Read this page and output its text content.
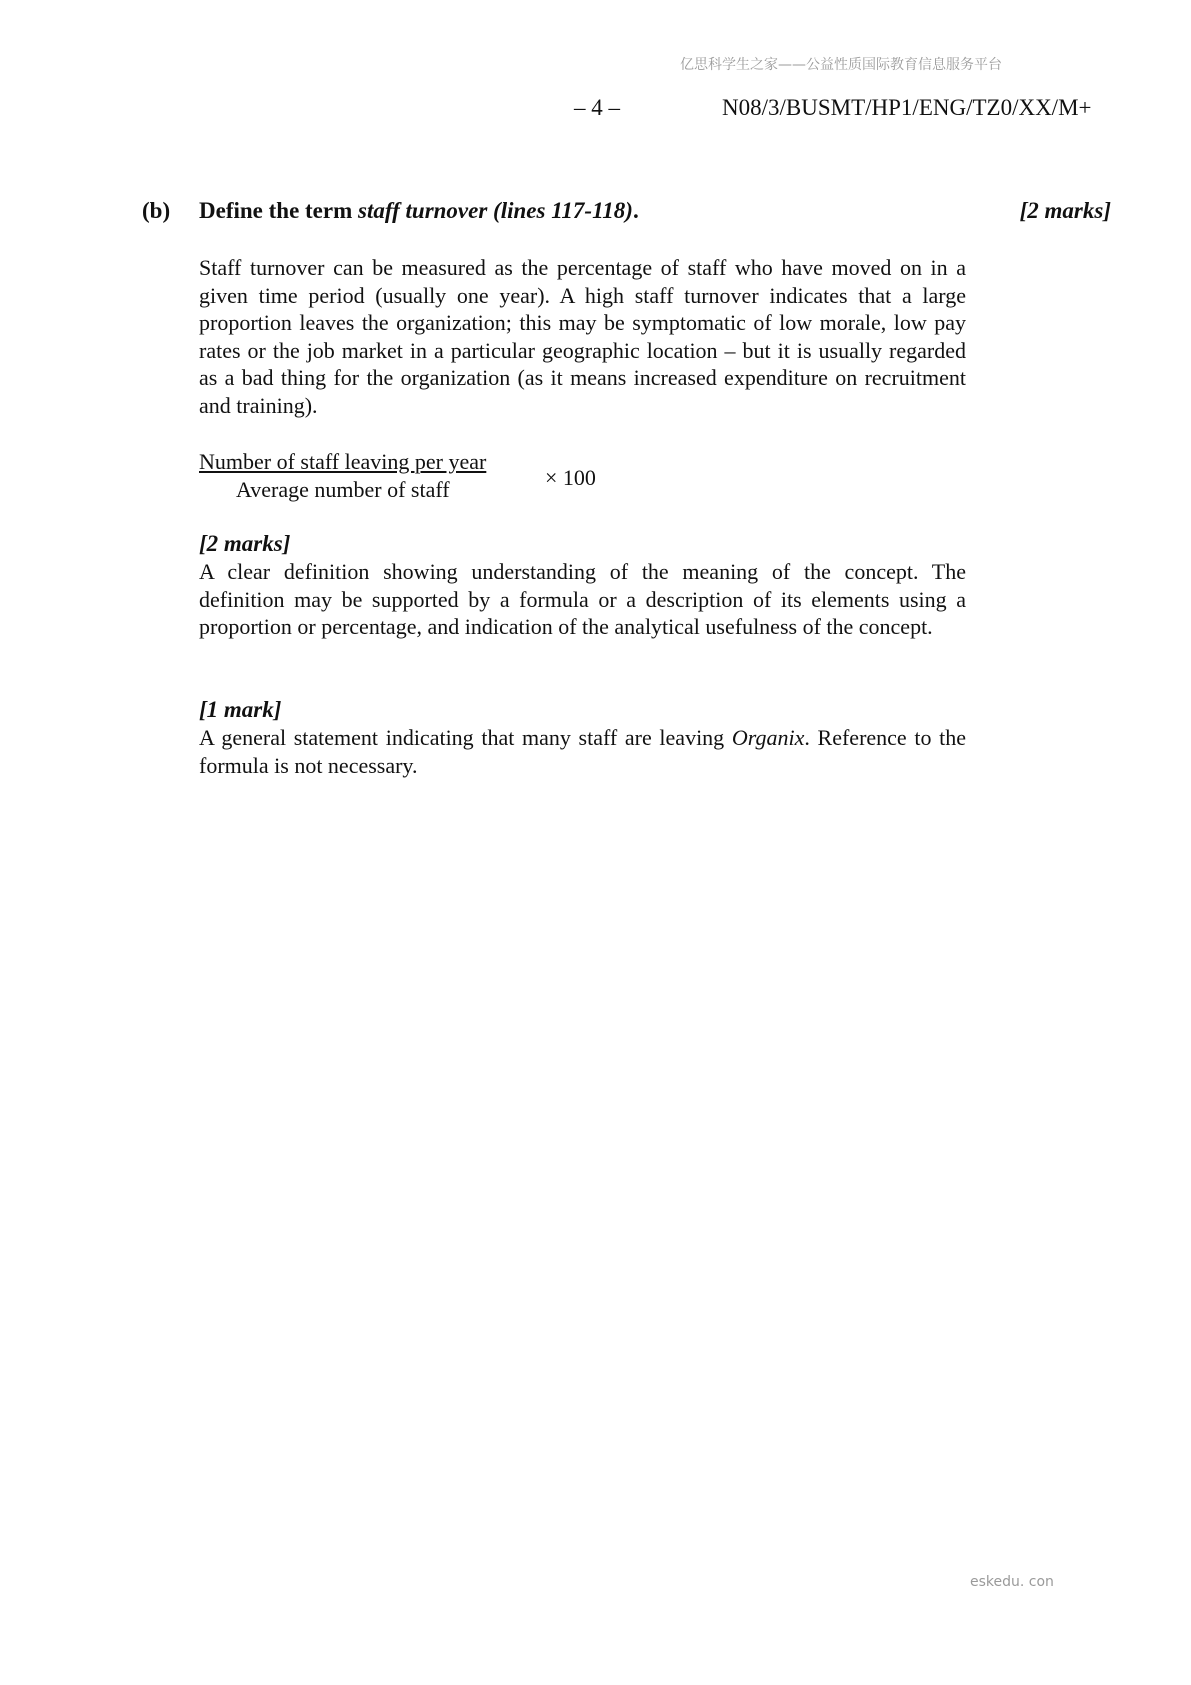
亿思科学生之家——公益性质国际教育信息服务平台
– 4 –	N08/3/BUSMT/HP1/ENG/TZ0/XX/M+
(b) Define the term staff turnover (lines 117-118).	[2 marks]
Staff turnover can be measured as the percentage of staff who have moved on in a given time period (usually one year). A high staff turnover indicates that a large proportion leaves the organization; this may be symptomatic of low morale, low pay rates or the job market in a particular geographic location – but it is usually regarded as a bad thing for the organization (as it means increased expenditure on recruitment and training).
Number of staff leaving per year
Average number of staff	× 100
[2 marks]
A clear definition showing understanding of the meaning of the concept. The definition may be supported by a formula or a description of its elements using a proportion or percentage, and indication of the analytical usefulness of the concept.
[1 mark]
A general statement indicating that many staff are leaving Organix. Reference to the formula is not necessary.
eskedu. con
